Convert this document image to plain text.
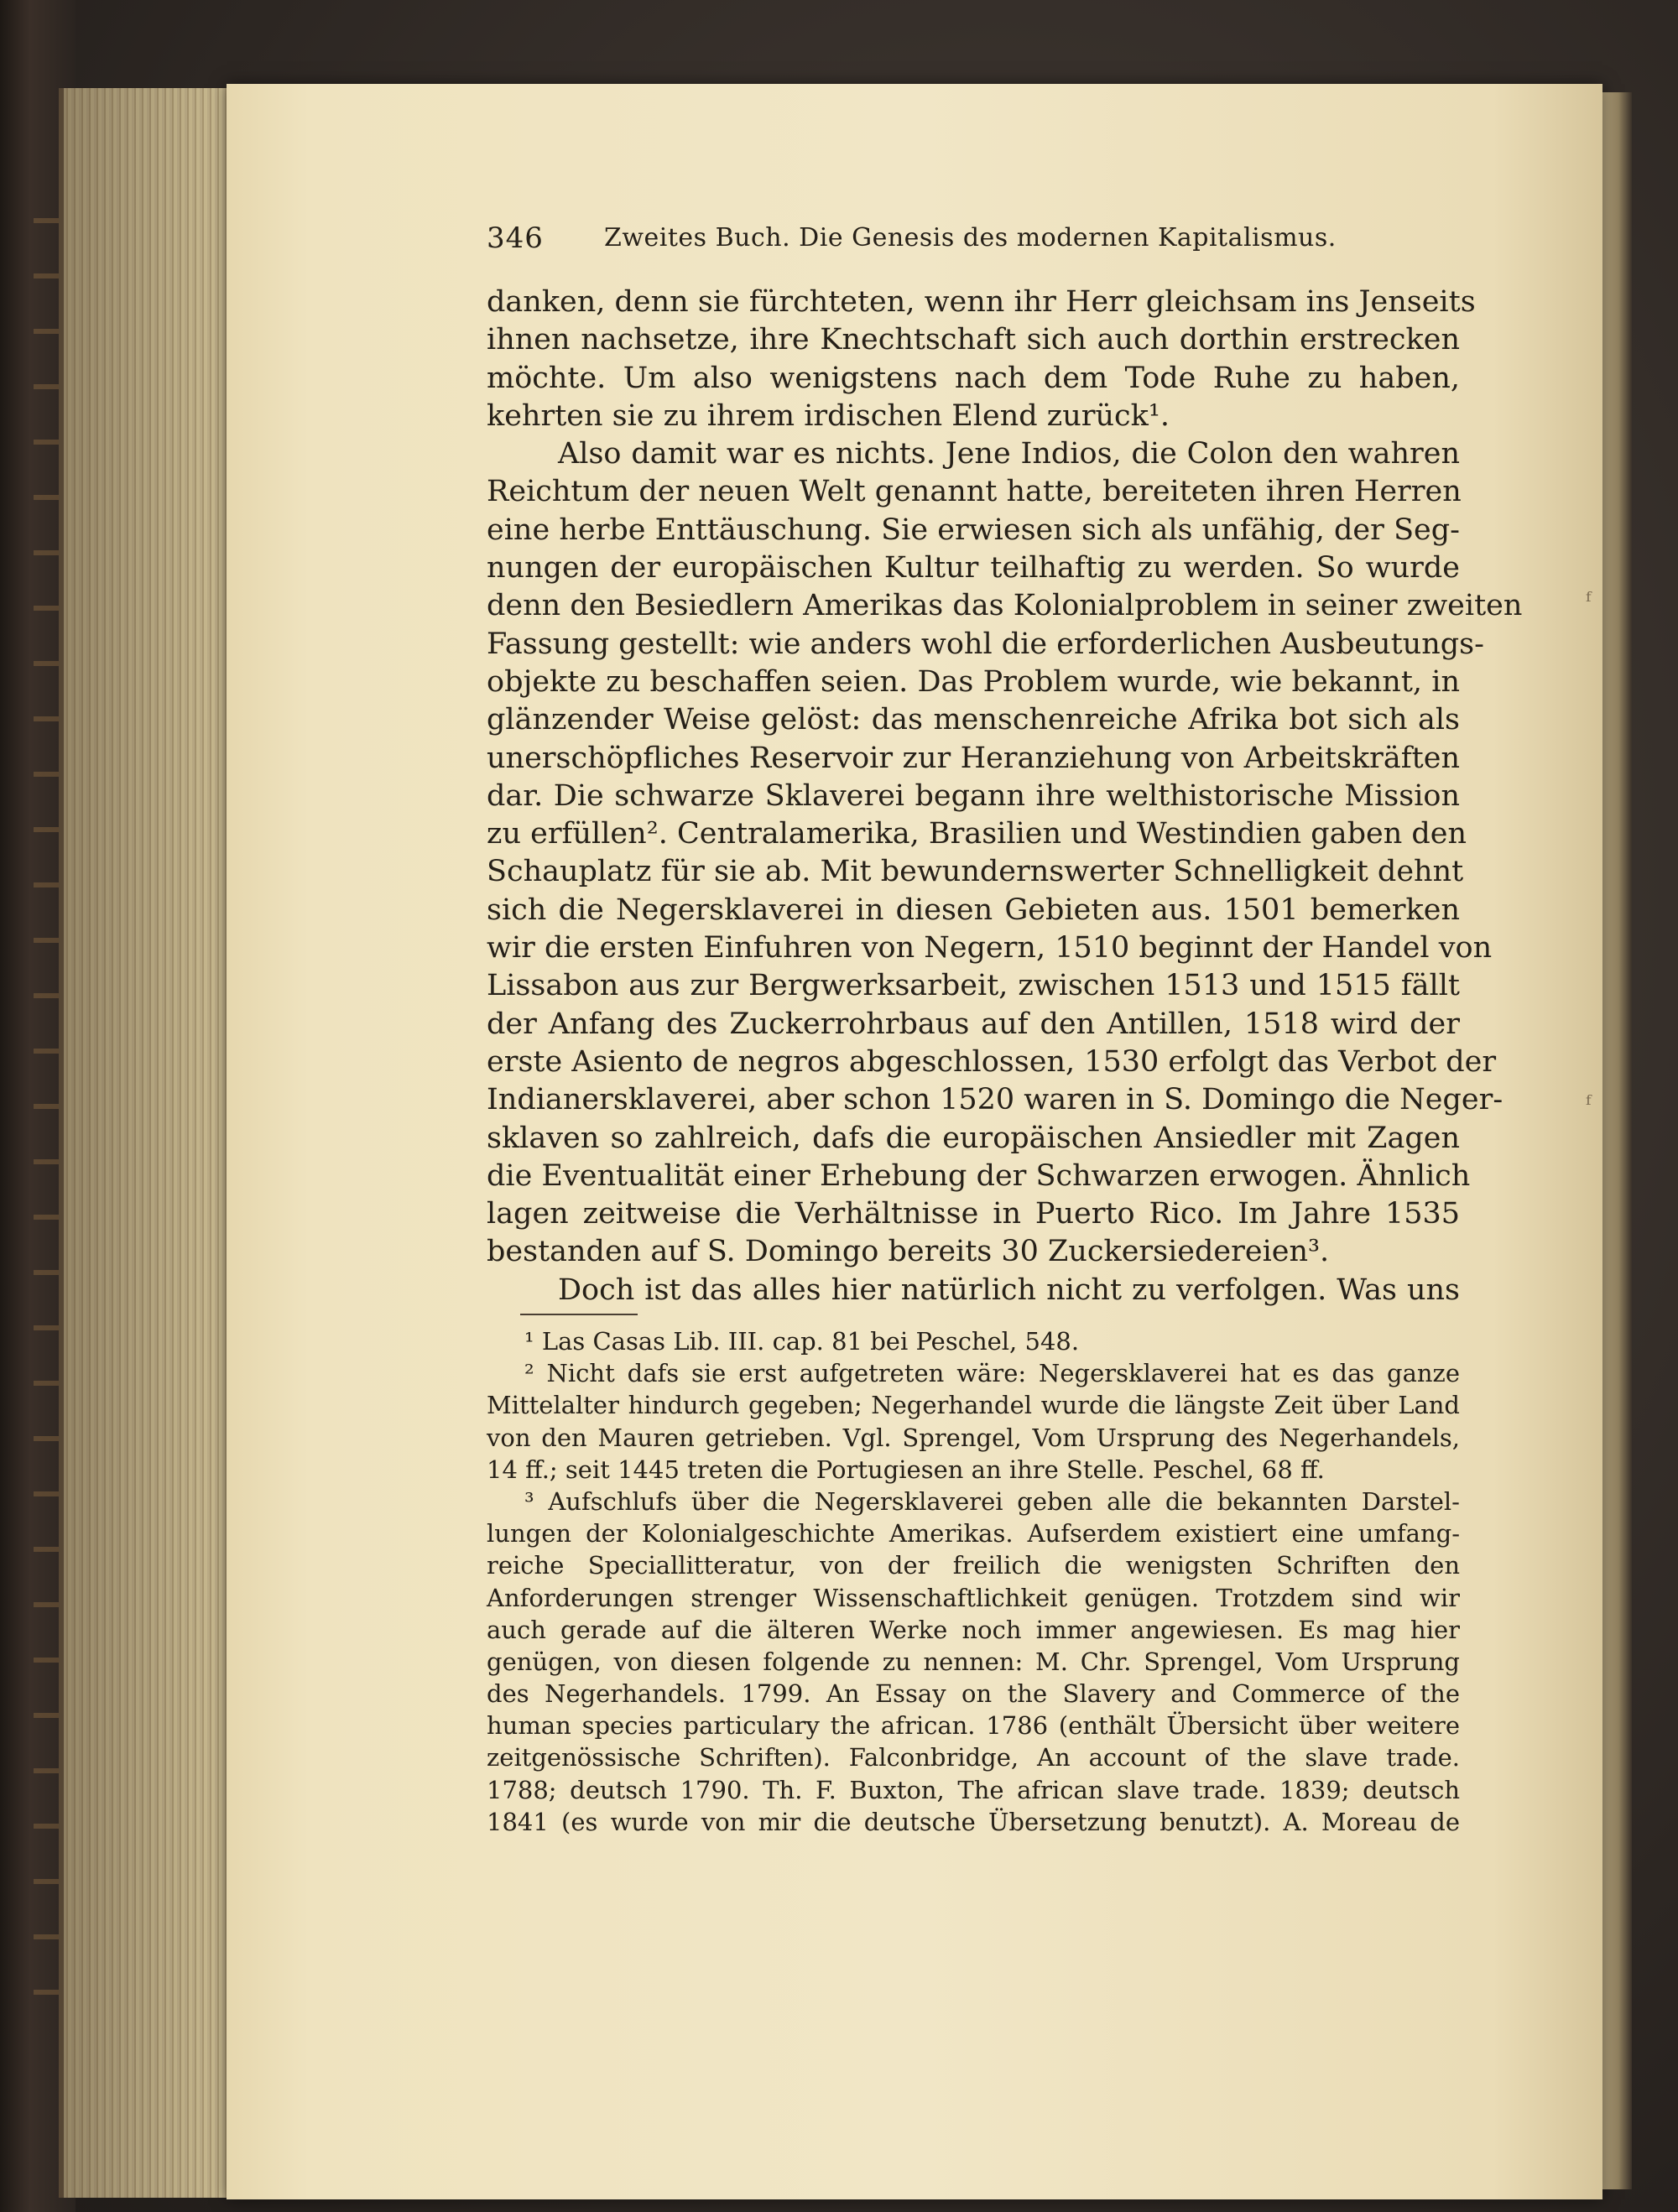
346 Zweites Buch. Die Genesis des modernen Kapitalismus.
danken, denn sie fürchteten, wenn ihr Herr gleichsam ins Jenseits
ihnen nachsetze, ihre Knechtschaft sich auch dorthin erstrecken
möchte. Um also wenigstens nach dem Tode Ruhe zu haben,
kehrten sie zu ihrem irdischen Elend zurück¹.
Also damit war es nichts. Jene Indios, die Colon den wahren
Reichtum der neuen Welt genannt hatte, bereiteten ihren Herren
eine herbe Enttäuschung. Sie erwiesen sich als unfähig, der Seg-
nungen der europäischen Kultur teilhaftig zu werden. So wurde
denn den Besiedlern Amerikas das Kolonialproblem in seiner zweiten
Fassung gestellt: wie anders wohl die erforderlichen Ausbeutungs-
objekte zu beschaffen seien. Das Problem wurde, wie bekannt, in
glänzender Weise gelöst: das menschenreiche Afrika bot sich als
unerschöpfliches Reservoir zur Heranziehung von Arbeitskräften
dar. Die schwarze Sklaverei begann ihre welthistorische Mission
zu erfüllen². Centralamerika, Brasilien und Westindien gaben den
Schauplatz für sie ab. Mit bewundernswerter Schnelligkeit dehnt
sich die Negersklaverei in diesen Gebieten aus. 1501 bemerken
wir die ersten Einfuhren von Negern, 1510 beginnt der Handel von
Lissabon aus zur Bergwerksarbeit, zwischen 1513 und 1515 fällt
der Anfang des Zuckerrohrbaus auf den Antillen, 1518 wird der
erste Asiento de negros abgeschlossen, 1530 erfolgt das Verbot der
Indianersklaverei, aber schon 1520 waren in S. Domingo die Neger-
sklaven so zahlreich, dafs die europäischen Ansiedler mit Zagen
die Eventualität einer Erhebung der Schwarzen erwogen. Ähnlich
lagen zeitweise die Verhältnisse in Puerto Rico. Im Jahre 1535
bestanden auf S. Domingo bereits 30 Zuckersiedereien³.
Doch ist das alles hier natürlich nicht zu verfolgen. Was uns
¹ Las Casas Lib. III. cap. 81 bei Peschel, 548.
² Nicht dafs sie erst aufgetreten wäre: Negersklaverei hat es das ganze
Mittelalter hindurch gegeben; Negerhandel wurde die längste Zeit über Land
von den Mauren getrieben. Vgl. Sprengel, Vom Ursprung des Negerhandels,
14 ff.; seit 1445 treten die Portugiesen an ihre Stelle. Peschel, 68 ff.
³ Aufschlufs über die Negersklaverei geben alle die bekannten Darstel-
lungen der Kolonialgeschichte Amerikas. Aufserdem existiert eine umfang-
reiche Speciallitteratur, von der freilich die wenigsten Schriften den
Anforderungen strenger Wissenschaftlichkeit genügen. Trotzdem sind wir
auch gerade auf die älteren Werke noch immer angewiesen. Es mag hier
genügen, von diesen folgende zu nennen: M. Chr. Sprengel, Vom Ursprung
des Negerhandels. 1799. An Essay on the Slavery and Commerce of the
human species particulary the african. 1786 (enthält Übersicht über weitere
zeitgenössische Schriften). Falconbridge, An account of the slave trade.
1788; deutsch 1790. Th. F. Buxton, The african slave trade. 1839; deutsch
1841 (es wurde von mir die deutsche Übersetzung benutzt). A. Moreau de
ᶠ
ᶠ
